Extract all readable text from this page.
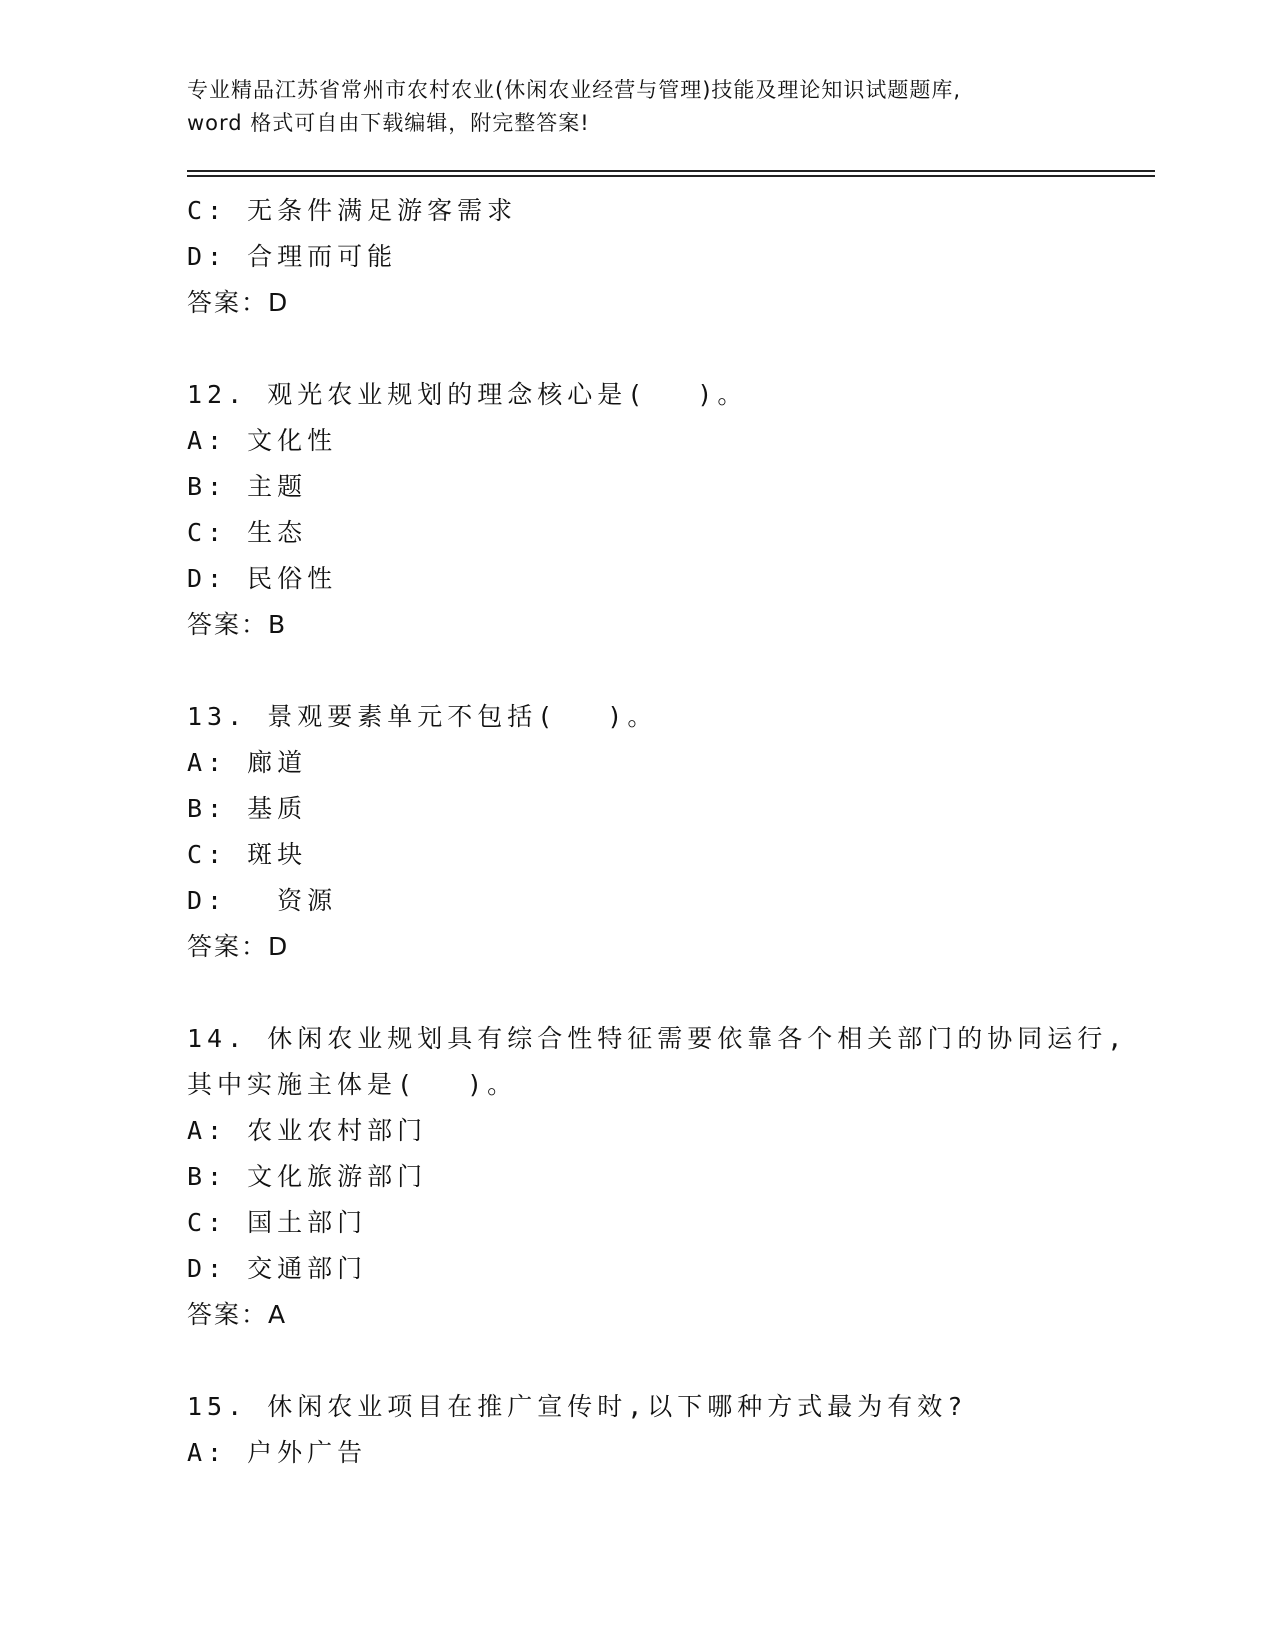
专业精品江苏省常州市农村农业(休闲农业经营与管理)技能及理论知识试题题库,
word 格式可自由下载编辑，附完整答案!
C: 无条件满足游客需求
D: 合理而可能
答案：D
12. 观光农业规划的理念核心是(　 )。
A: 文化性
B: 主题
C: 生态
D: 民俗性
答案：B
13. 景观要素单元不包括(　 )。
A: 廊道
B: 基质
C: 斑块
D:　 资源
答案：D
14. 休闲农业规划具有综合性特征需要依靠各个相关部门的协同运行,
其中实施主体是(　 )。
A: 农业农村部门
B: 文化旅游部门
C: 国土部门
D: 交通部门
答案：A
15. 休闲农业项目在推广宣传时,以下哪种方式最为有效?
A: 户外广告
